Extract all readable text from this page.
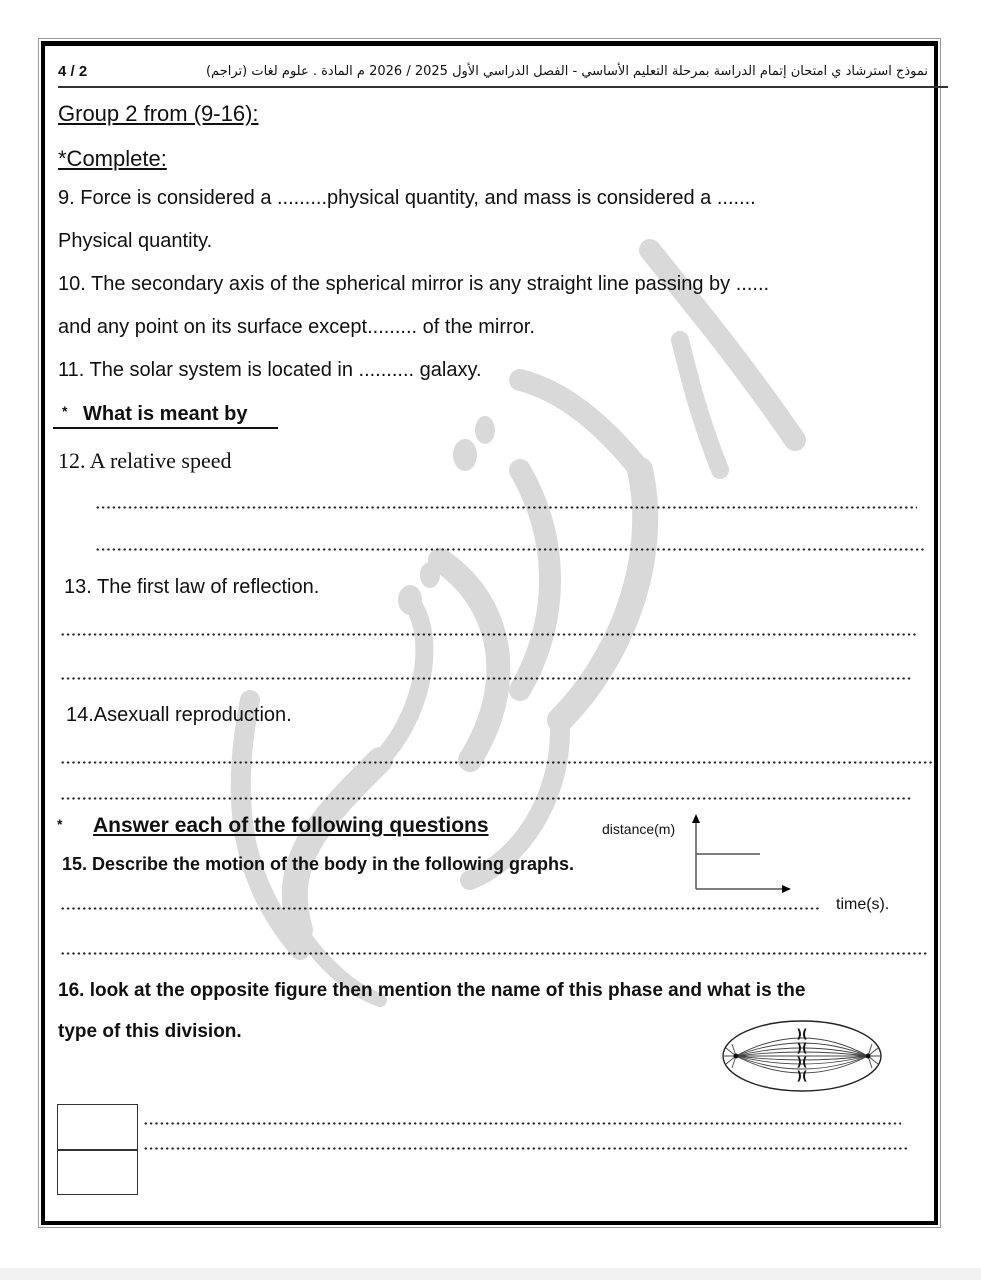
4 / 2	نموذج استرشاد ي امتحان إتمام الدراسة بمرحلة التعليم الأساسي - الفصل الدراسي الأول 2025 / 2026 م المادة . علوم لغات (تراجم)
Group 2 from (9-16):
*Complete:
9. Force is considered a .........physical quantity, and mass is considered a .......
Physical quantity.
10. The secondary axis of the spherical mirror is any straight line passing by ......
and any point on its surface except......... of the mirror.
11. The solar system is located in .......... galaxy.
* What is meant by
12. A relative speed
13. The first law of reflection.
14.Asexuall reproduction.
* Answer each of the following questions
15. Describe the motion of the body in the following graphs.
distance(m)
time(s).
16. look at the opposite figure then mention the name of this phase and what is the
type of this division.	)(
)(
)(
)(
